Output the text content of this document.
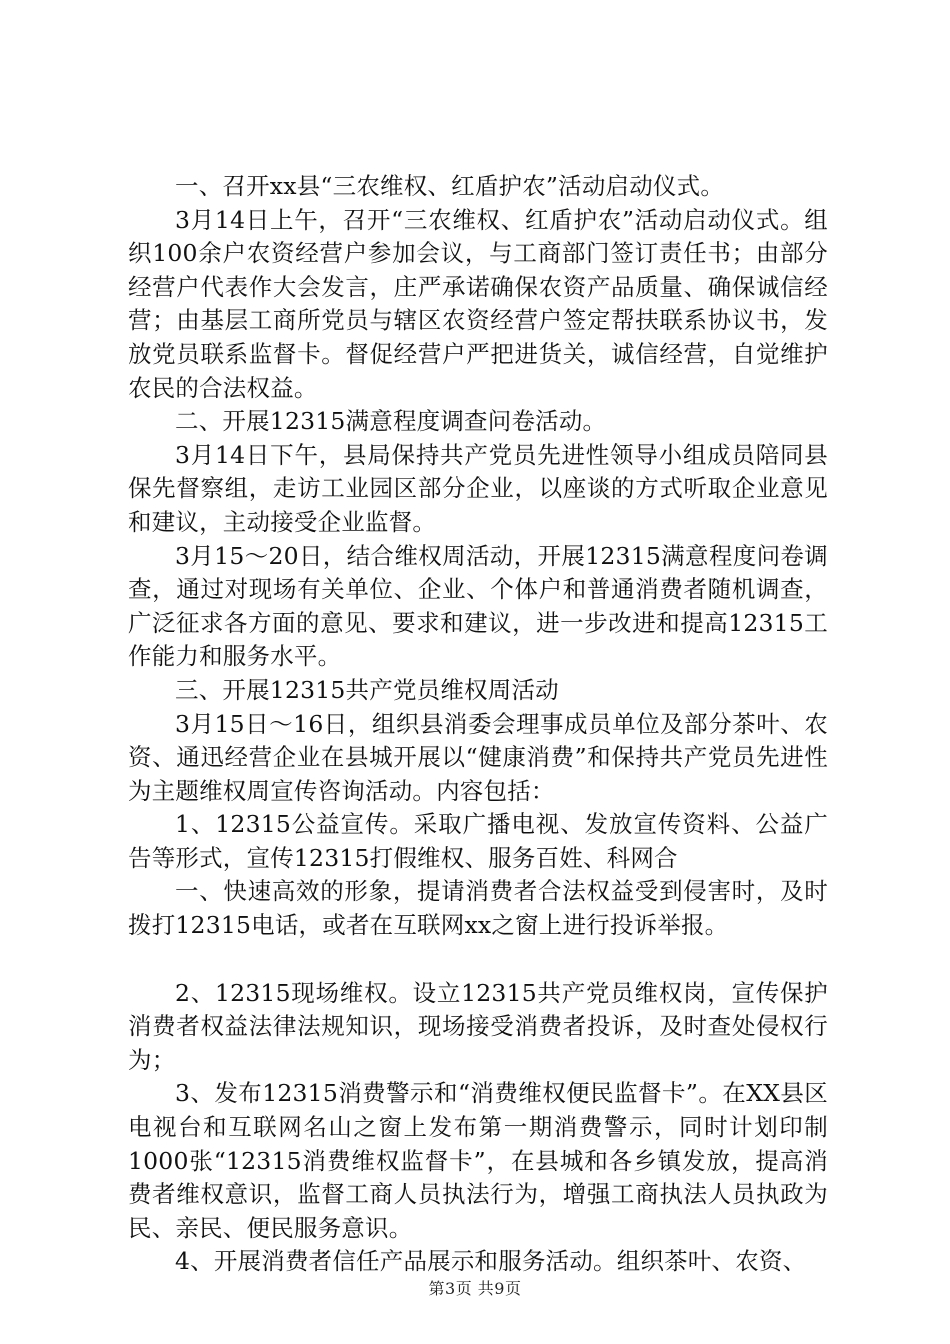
一、召开xx县“三农维权、红盾护农”活动启动仪式。

3月14日上午，召开“三农维权、红盾护农”活动启动仪式。组织100余户农资经营户参加会议，与工商部门签订责任书；由部分经营户代表作大会发言，庄严承诺确保农资产品质量、确保诚信经营；由基层工商所党员与辖区农资经营户签定帮扶联系协议书，发放党员联系监督卡。督促经营户严把进货关，诚信经营，自觉维护农民的合法权益。

二、开展12315满意程度调查问卷活动。

3月14日下午，县局保持共产党员先进性领导小组成员陪同县保先督察组，走访工业园区部分企业，以座谈的方式听取企业意见和建议，主动接受企业监督。

3月15～20日，结合维权周活动，开展12315满意程度问卷调查，通过对现场有关单位、企业、个体户和普通消费者随机调查，广泛征求各方面的意见、要求和建议，进一步改进和提高12315工作能力和服务水平。

三、开展12315共产党员维权周活动

3月15日～16日，组织县消委会理事成员单位及部分茶叶、农资、通迅经营企业在县城开展以“健康消费”和保持共产党员先进性为主题维权周宣传咨询活动。内容包括：

1、12315公益宣传。采取广播电视、发放宣传资料、公益广告等形式，宣传12315打假维权、服务百姓、科网合

一、快速高效的形象，提请消费者合法权益受到侵害时，及时拨打12315电话，或者在互联网xx之窗上进行投诉举报。

2、12315现场维权。设立12315共产党员维权岗，宣传保护消费者权益法律法规知识，现场接受消费者投诉，及时查处侵权行为；

3、发布12315消费警示和“消费维权便民监督卡”。在XX县区电视台和互联网名山之窗上发布第一期消费警示，同时计划印制1000张“12315消费维权监督卡”，在县城和各乡镇发放，提高消费者维权意识，监督工商人员执法行为，增强工商执法人员执政为民、亲民、便民服务意识。

4、开展消费者信任产品展示和服务活动。组织茶叶、农资、

第3页 共9页
